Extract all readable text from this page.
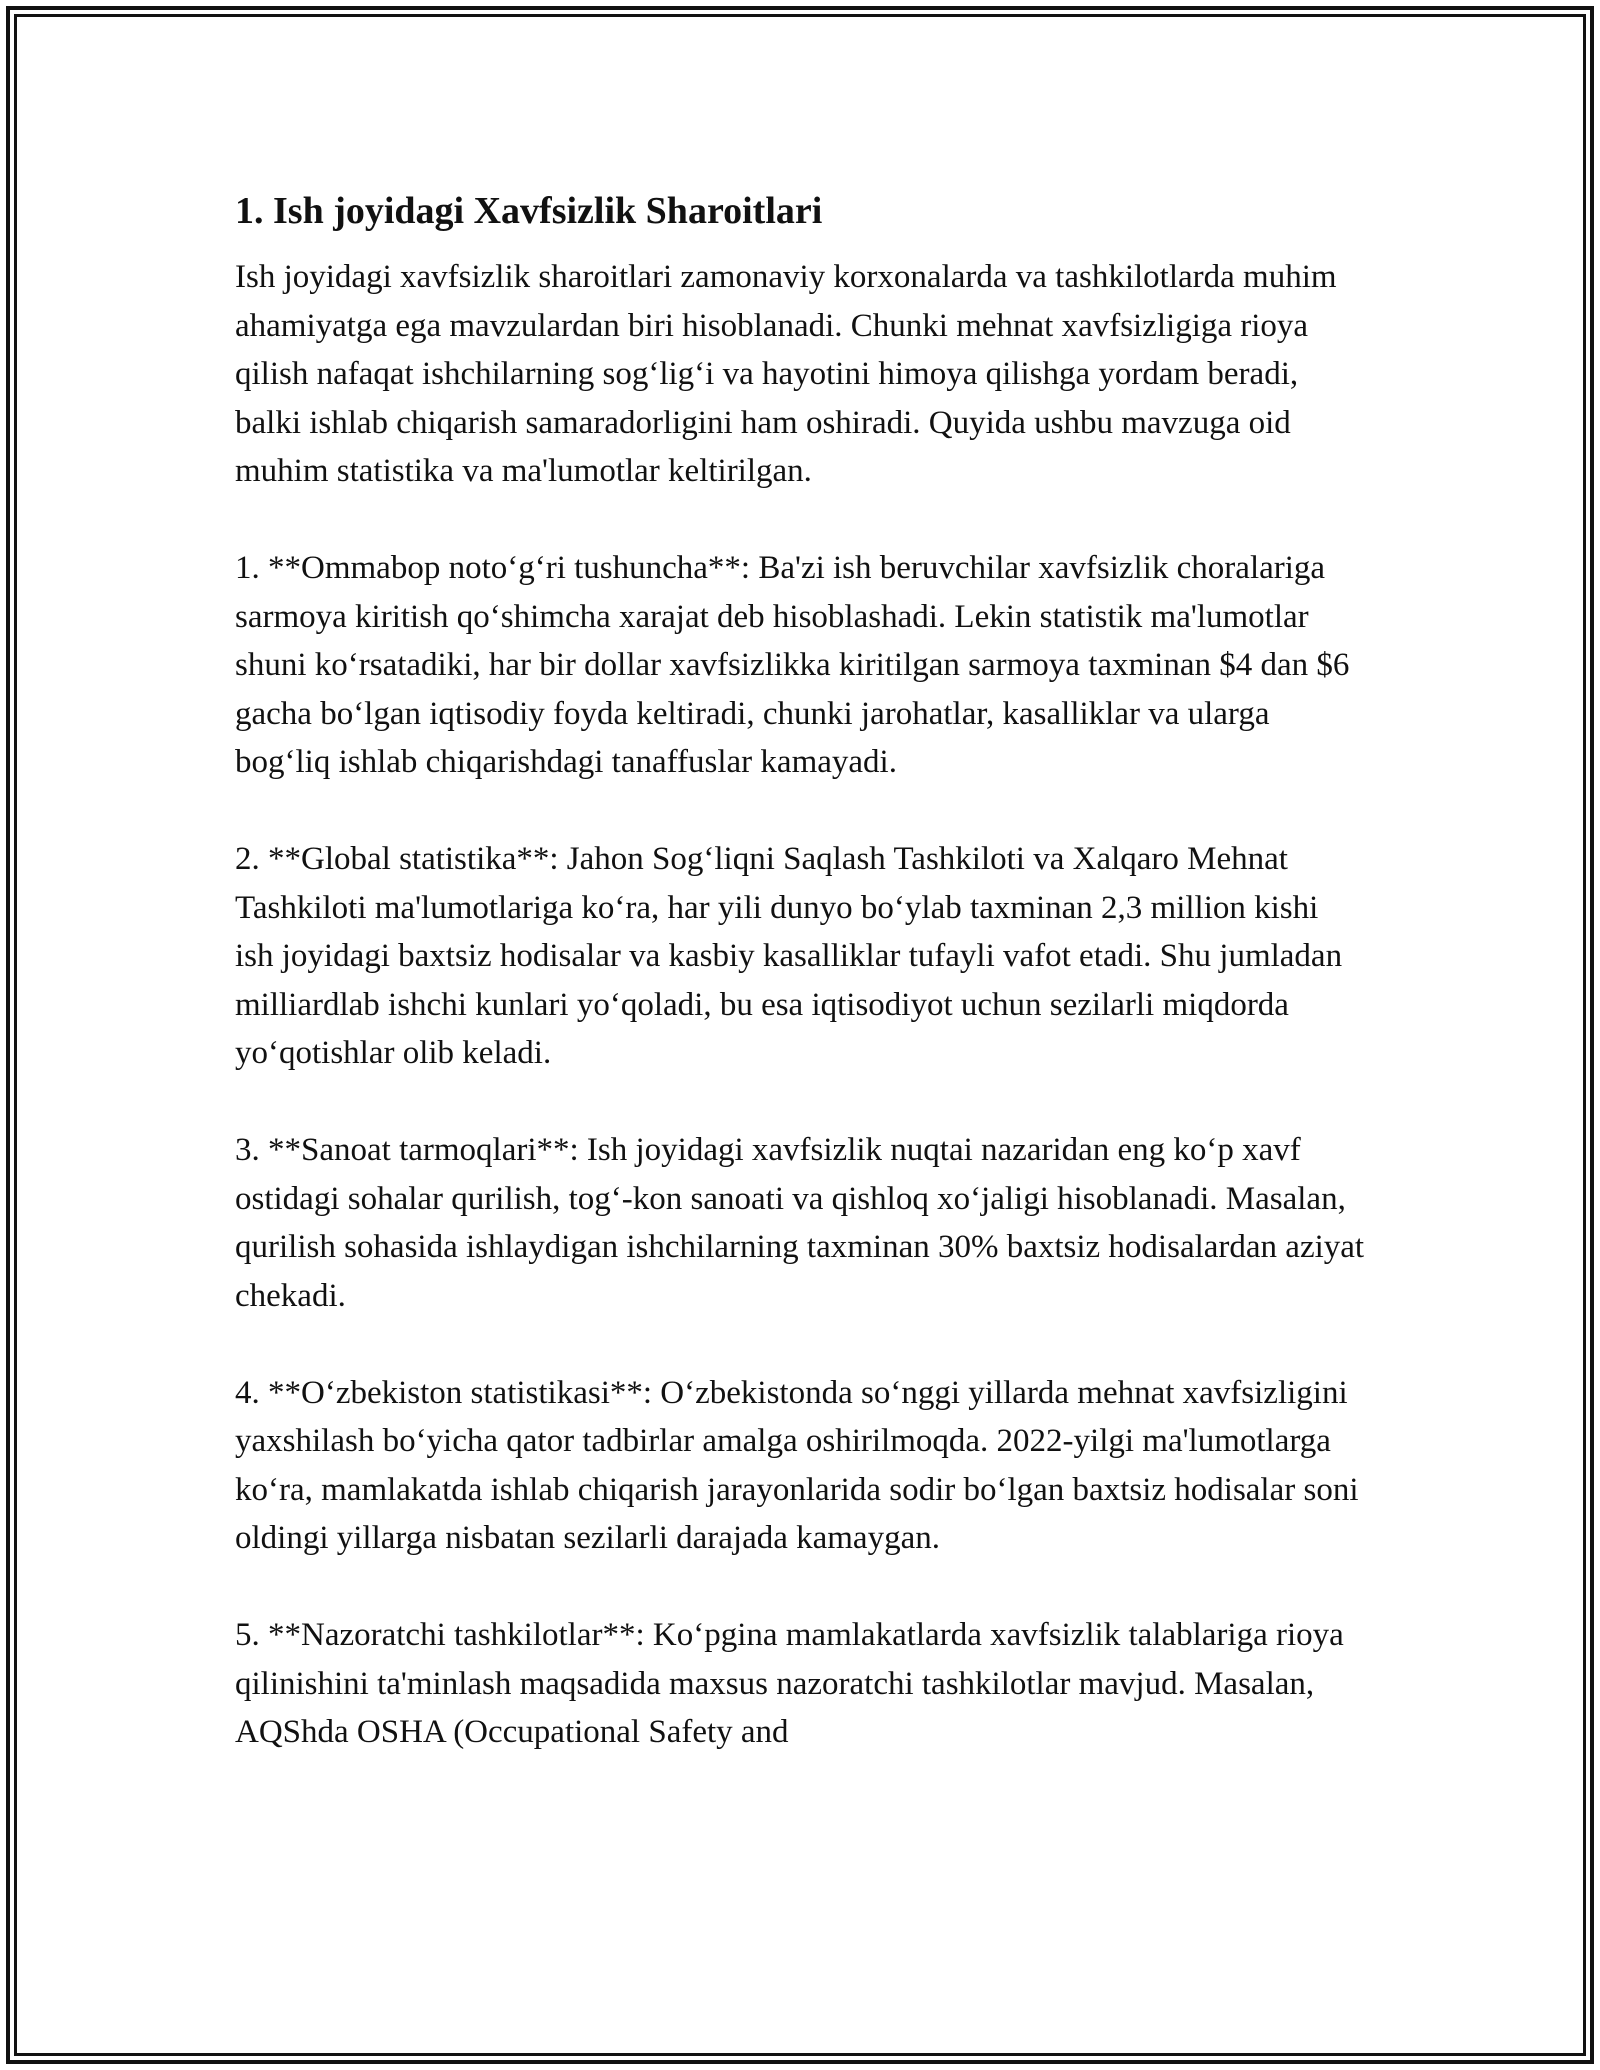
1. Ish joyidagi Xavfsizlik Sharoitlari

Ish joyidagi xavfsizlik sharoitlari zamonaviy korxonalarda va tashkilotlarda muhim ahamiyatga ega mavzulardan biri hisoblanadi. Chunki mehnat xavfsizligiga rioya qilish nafaqat ishchilarning sog‘lig‘i va hayotini himoya qilishga yordam beradi, balki ishlab chiqarish samaradorligini ham oshiradi. Quyida ushbu mavzuga oid muhim statistika va ma'lumotlar keltirilgan.

1. **Ommabop noto‘g‘ri tushuncha**: Ba'zi ish beruvchilar xavfsizlik choralariga sarmoya kiritish qo‘shimcha xarajat deb hisoblashadi. Lekin statistik ma'lumotlar shuni ko‘rsatadiki, har bir dollar xavfsizlikka kiritilgan sarmoya taxminan $4 dan $6 gacha bo‘lgan iqtisodiy foyda keltiradi, chunki jarohatlar, kasalliklar va ularga bog‘liq ishlab chiqarishdagi tanaffuslar kamayadi.

2. **Global statistika**: Jahon Sog‘liqni Saqlash Tashkiloti va Xalqaro Mehnat Tashkiloti ma'lumotlariga ko‘ra, har yili dunyo bo‘ylab taxminan 2,3 million kishi ish joyidagi baxtsiz hodisalar va kasbiy kasalliklar tufayli vafot etadi. Shu jumladan milliardlab ishchi kunlari yo‘qoladi, bu esa iqtisodiyot uchun sezilarli miqdorda yo‘qotishlar olib keladi.

3. **Sanoat tarmoqlari**: Ish joyidagi xavfsizlik nuqtai nazaridan eng ko‘p xavf ostidagi sohalar qurilish, tog‘-kon sanoati va qishloq xo‘jaligi hisoblanadi. Masalan, qurilish sohasida ishlaydigan ishchilarning taxminan 30% baxtsiz hodisalardan aziyat chekadi.

4. **O‘zbekiston statistikasi**: O‘zbekistonda so‘nggi yillarda mehnat xavfsizligini yaxshilash bo‘yicha qator tadbirlar amalga oshirilmoqda. 2022-yilgi ma'lumotlarga ko‘ra, mamlakatda ishlab chiqarish jarayonlarida sodir bo‘lgan baxtsiz hodisalar soni oldingi yillarga nisbatan sezilarli darajada kamaygan.

5. **Nazoratchi tashkilotlar**: Ko‘pgina mamlakatlarda xavfsizlik talablariga rioya qilinishini ta'minlash maqsadida maxsus nazoratchi tashkilotlar mavjud. Masalan, AQShda OSHA (Occupational Safety and
